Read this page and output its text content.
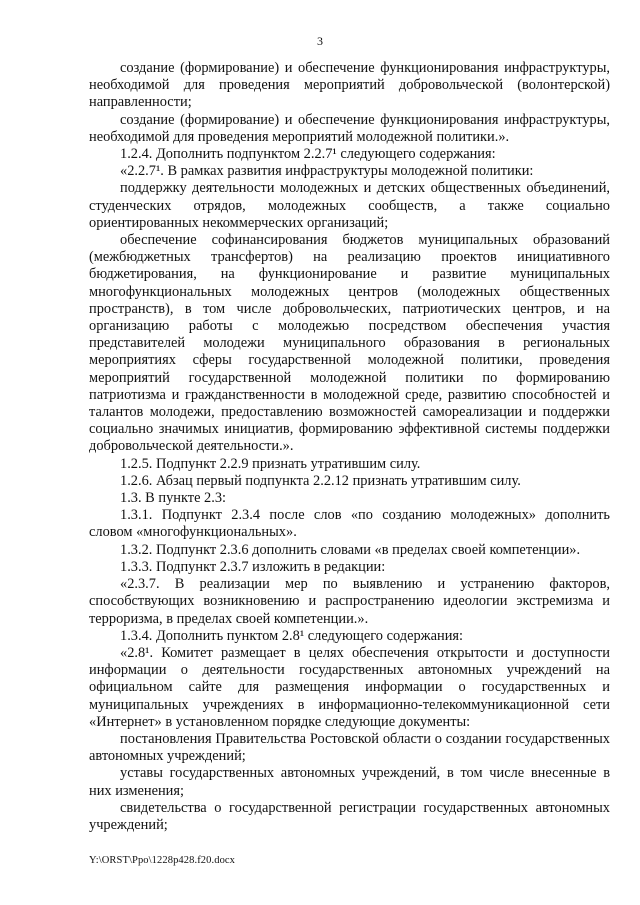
3

создание (формирование) и обеспечение функционирования инфраструктуры, необходимой для проведения мероприятий добровольческой (волонтерской) направленности;

создание (формирование) и обеспечение функционирования инфраструктуры, необходимой для проведения мероприятий молодежной политики.».

1.2.4. Дополнить подпунктом 2.2.7¹ следующего содержания:

«2.2.7¹. В рамках развития инфраструктуры молодежной политики:

поддержку деятельности молодежных и детских общественных объединений, студенческих отрядов, молодежных сообществ, а также социально ориентированных некоммерческих организаций;

обеспечение софинансирования бюджетов муниципальных образований (межбюджетных трансфертов) на реализацию проектов инициативного бюджетирования, на функционирование и развитие муниципальных многофункциональных молодежных центров (молодежных общественных пространств), в том числе добровольческих, патриотических центров, и на организацию работы с молодежью посредством обеспечения участия представителей молодежи муниципального образования в региональных мероприятиях сферы государственной молодежной политики, проведения мероприятий государственной молодежной политики по формированию патриотизма и гражданственности в молодежной среде, развитию способностей и талантов молодежи, предоставлению возможностей самореализации и поддержки социально значимых инициатив, формированию эффективной системы поддержки добровольческой деятельности.».

1.2.5. Подпункт 2.2.9 признать утратившим силу.

1.2.6. Абзац первый подпункта 2.2.12 признать утратившим силу.

1.3. В пункте 2.3:

1.3.1. Подпункт 2.3.4 после слов «по созданию молодежных» дополнить словом «многофункциональных».

1.3.2. Подпункт 2.3.6 дополнить словами «в пределах своей компетенции».

1.3.3. Подпункт 2.3.7 изложить в редакции:

«2.3.7. В реализации мер по выявлению и устранению факторов, способствующих возникновению и распространению идеологии экстремизма и терроризма, в пределах своей компетенции.».

1.3.4. Дополнить пунктом 2.8¹ следующего содержания:

«2.8¹. Комитет размещает в целях обеспечения открытости и доступности информации о деятельности государственных автономных учреждений на официальном сайте для размещения информации о государственных и муниципальных учреждениях в информационно-телекоммуникационной сети «Интернет» в установленном порядке следующие документы:

постановления Правительства Ростовской области о создании государственных автономных учреждений;

уставы государственных автономных учреждений, в том числе внесенные в них изменения;

свидетельства о государственной регистрации государственных автономных учреждений;

Y:\ORST\Ppo\1228p428.f20.docx
